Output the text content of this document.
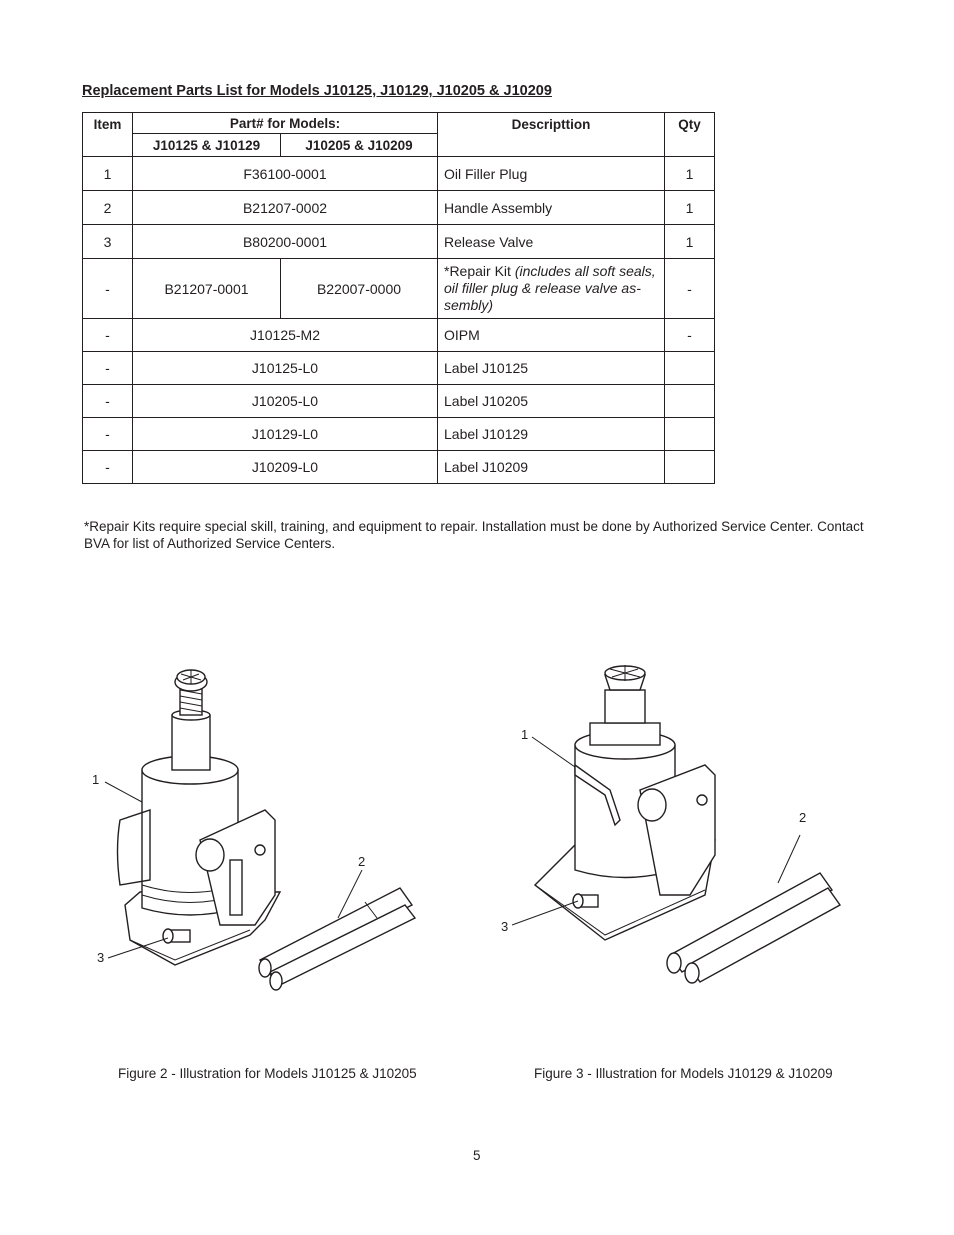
Replacement Parts List for Models J10125, J10129, J10205 & J10209
Item	Part# for Models:		Descripttion	Qty
	J10125 & J10129	J10205 & J10209		
1	F36100-0001		Oil Filler Plug	1
2	B21207-0002		Handle Assembly	1
3	B80200-0001		Release Valve	1
-	B21207-0001	B22007-0000	*Repair Kit (includes all soft seals, oil filler plug & release valve as-sembly)	-
-	J10125-M2		OIPM	-
-	J10125-L0		Label J10125	
-	J10205-L0		Label J10205	
-	J10129-L0		Label J10129	
-	J10209-L0		Label J10209	
*Repair Kits require special skill, training, and equipment to repair. Installation must be done by Authorized Service Center. Contact BVA for list of Authorized Service Centers.
1
2
3
Figure 2 - Illustration for Models J10125 & J10205
1
2
3
Figure 3 - Illustration for Models J10129 & J10209
5
